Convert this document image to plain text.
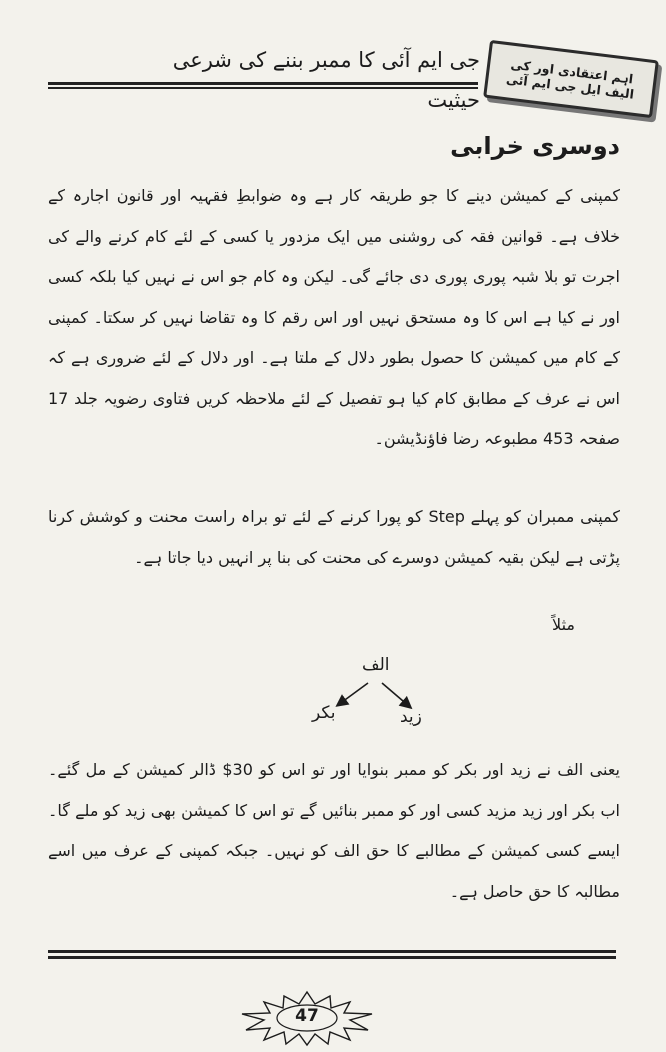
جی ایم آئی کا ممبر بننے کی شرعی حیثیت
اہم اعتقادی اور کی الیف ایل جی ایم آئی
دوسری خرابی
کمپنی کے کمیشن دینے کا جو طریقہ کار ہے وہ ضوابطِ فقہیہ اور قانون اجارہ کے خلاف ہے۔ قوانین فقہ کی روشنی میں ایک مزدور یا کسی کے لئے کام کرنے والے کی اجرت تو بلا شبہ پوری پوری دی جائے گی۔ لیکن وہ کام جو اس نے نہیں کیا بلکہ کسی اور نے کیا ہے اس کا وہ مستحق نہیں اور اس رقم کا وہ تقاضا نہیں کر سکتا۔ کمپنی کے کام میں کمیشن کا حصول بطور دلال کے ملتا ہے۔ اور دلال کے لئے ضروری ہے کہ اس نے عرف کے مطابق کام کیا ہو تفصیل کے لئے ملاحظہ کریں فتاوی رضویہ جلد 17 صفحہ 453 مطبوعہ رضا فاؤنڈیشن۔
کمپنی ممبران کو پہلے Step کو پورا کرنے کے لئے تو براہ راست محنت و کوشش کرنا پڑتی ہے لیکن بقیہ کمیشن دوسرے کی محنت کی بنا پر انہیں دیا جاتا ہے۔
مثلاً
الف
بکر	زید
یعنی الف نے زید اور بکر کو ممبر بنوایا اور تو اس کو 30$ ڈالر کمیشن کے مل گئے۔ اب بکر اور زید مزید کسی اور کو ممبر بنائیں گے تو اس کا کمیشن بھی زید کو ملے گا۔ ایسے کسی کمیشن کے مطالبے کا حق الف کو نہیں۔ جبکہ کمپنی کے عرف میں اسے مطالبہ کا حق حاصل ہے۔
47
